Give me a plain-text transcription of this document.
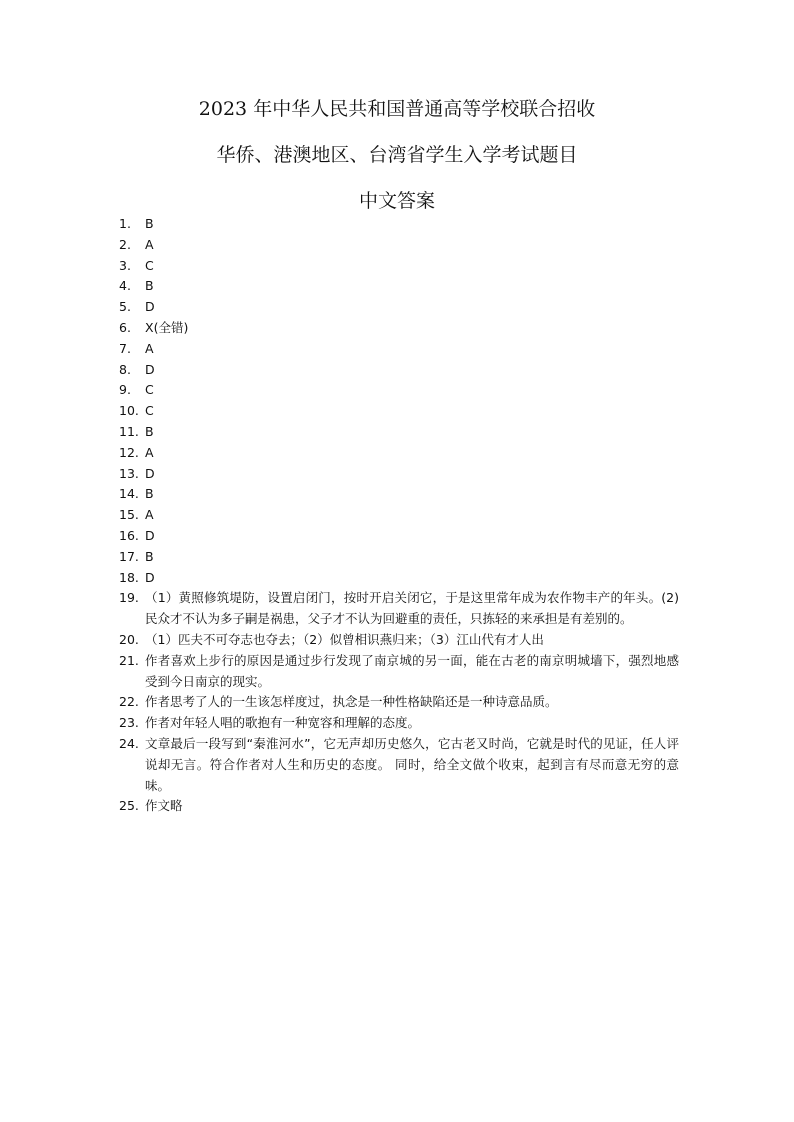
2023 年中华人民共和国普通高等学校联合招收
华侨、港澳地区、台湾省学生入学考试题目
中文答案
1.	B
2.	A
3.	C
4.	B
5.	D
6.	X(全错)
7.	A
8.	D
9.	C
10. C
11. B
12. A
13. D
14. B
15. A
16. D
17. B
18. D
19. （1）黄照修筑堤防，设置启闭门，按时开启关闭它，于是这里常年成为农作物丰产的年头。(2) 民众才不认为多子嗣是祸患，父子才不认为回避重的责任，只拣轻的来承担是有差别的。
20. （1）匹夫不可夺志也夺去；（2）似曾相识燕归来；（3）江山代有才人出
21. 作者喜欢上步行的原因是通过步行发现了南京城的另一面，能在古老的南京明城墙下，强烈地感受到今日南京的现实。
22. 作者思考了人的一生该怎样度过，执念是一种性格缺陷还是一种诗意品质。
23. 作者对年轻人唱的歌抱有一种宽容和理解的态度。
24. 文章最后一段写到“秦淮河水”，它无声却历史悠久，它古老又时尚，它就是时代的见证，任人评说却无言。符合作者对人生和历史的态度。 同时，给全文做个收束，起到言有尽而意无穷的意味。
25. 作文略
